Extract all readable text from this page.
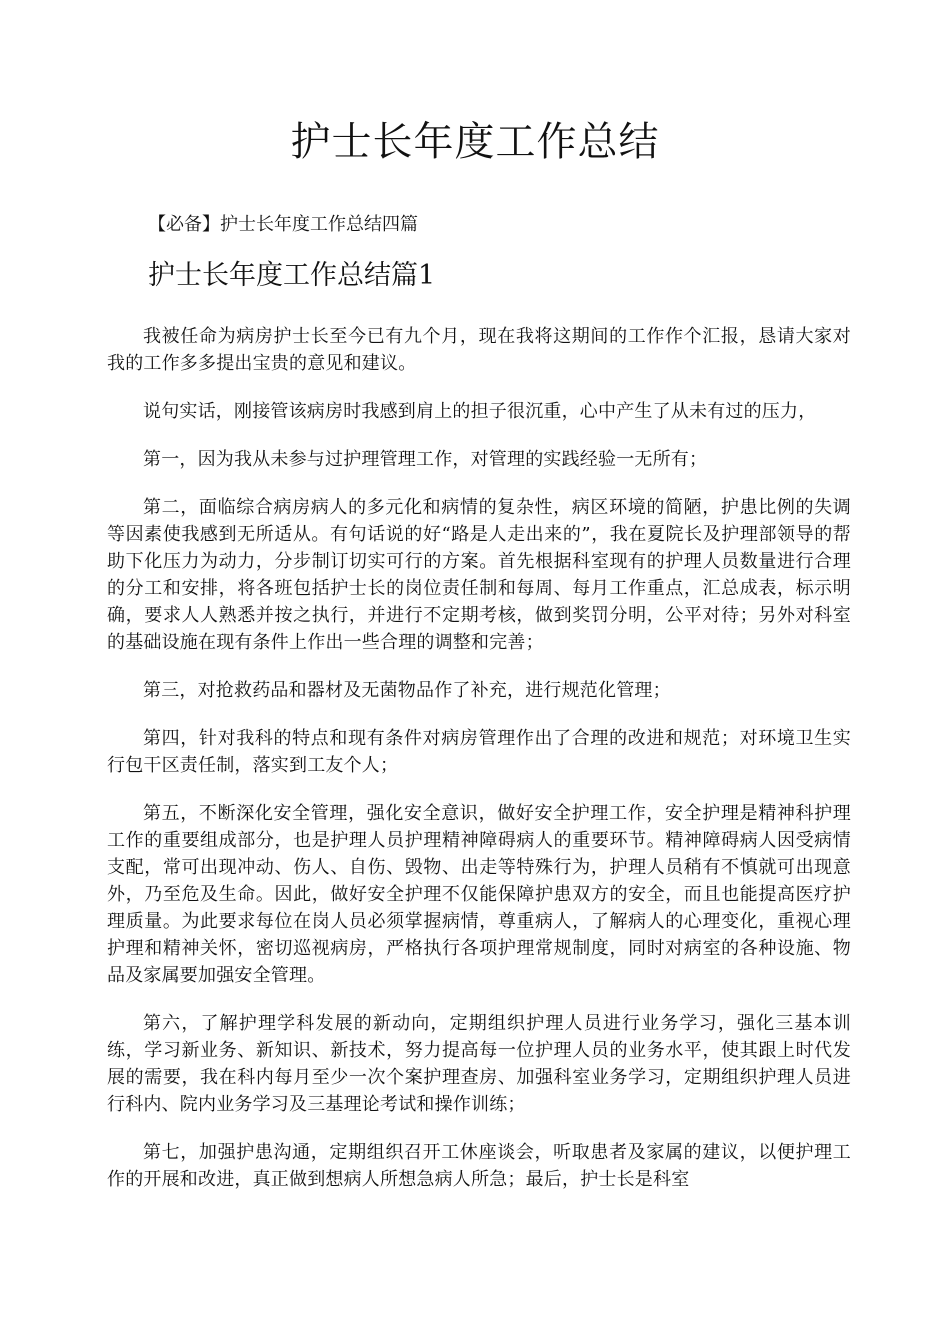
护士长年度工作总结
【必备】护士长年度工作总结四篇
护士长年度工作总结篇1

我被任命为病房护士长至今已有九个月，现在我将这期间的工作作个汇报，恳请大家对我的工作多多提出宝贵的意见和建议。

说句实话，刚接管该病房时我感到肩上的担子很沉重，心中产生了从未有过的压力，

第一，因为我从未参与过护理管理工作，对管理的实践经验一无所有；

第二，面临综合病房病人的多元化和病情的复杂性，病区环境的简陋，护患比例的失调等因素使我感到无所适从。有句话说的好“路是人走出来的”，我在夏院长及护理部领导的帮助下化压力为动力，分步制订切实可行的方案。首先根据科室现有的护理人员数量进行合理的分工和安排，将各班包括护士长的岗位责任制和每周、每月工作重点，汇总成表，标示明确，要求人人熟悉并按之执行，并进行不定期考核，做到奖罚分明，公平对待；另外对科室的基础设施在现有条件上作出一些合理的调整和完善；

第三，对抢救药品和器材及无菌物品作了补充，进行规范化管理；

第四，针对我科的特点和现有条件对病房管理作出了合理的改进和规范；对环境卫生实行包干区责任制，落实到工友个人；

第五，不断深化安全管理，强化安全意识，做好安全护理工作，安全护理是精神科护理工作的重要组成部分，也是护理人员护理精神障碍病人的重要环节。精神障碍病人因受病情支配，常可出现冲动、伤人、自伤、毁物、出走等特殊行为，护理人员稍有不慎就可出现意外，乃至危及生命。因此，做好安全护理不仅能保障护患双方的安全，而且也能提高医疗护理质量。为此要求每位在岗人员必须掌握病情，尊重病人，了解病人的心理变化，重视心理护理和精神关怀，密切巡视病房，严格执行各项护理常规制度，同时对病室的各种设施、物品及家属要加强安全管理。

第六，了解护理学科发展的新动向，定期组织护理人员进行业务学习，强化三基本训练，学习新业务、新知识、新技术，努力提高每一位护理人员的业务水平，使其跟上时代发展的需要，我在科内每月至少一次个案护理查房、加强科室业务学习，定期组织护理人员进行科内、院内业务学习及三基理论考试和操作训练；

第七，加强护患沟通，定期组织召开工休座谈会，听取患者及家属的建议，以便护理工作的开展和改进，真正做到想病人所想急病人所急；最后，护士长是科室
